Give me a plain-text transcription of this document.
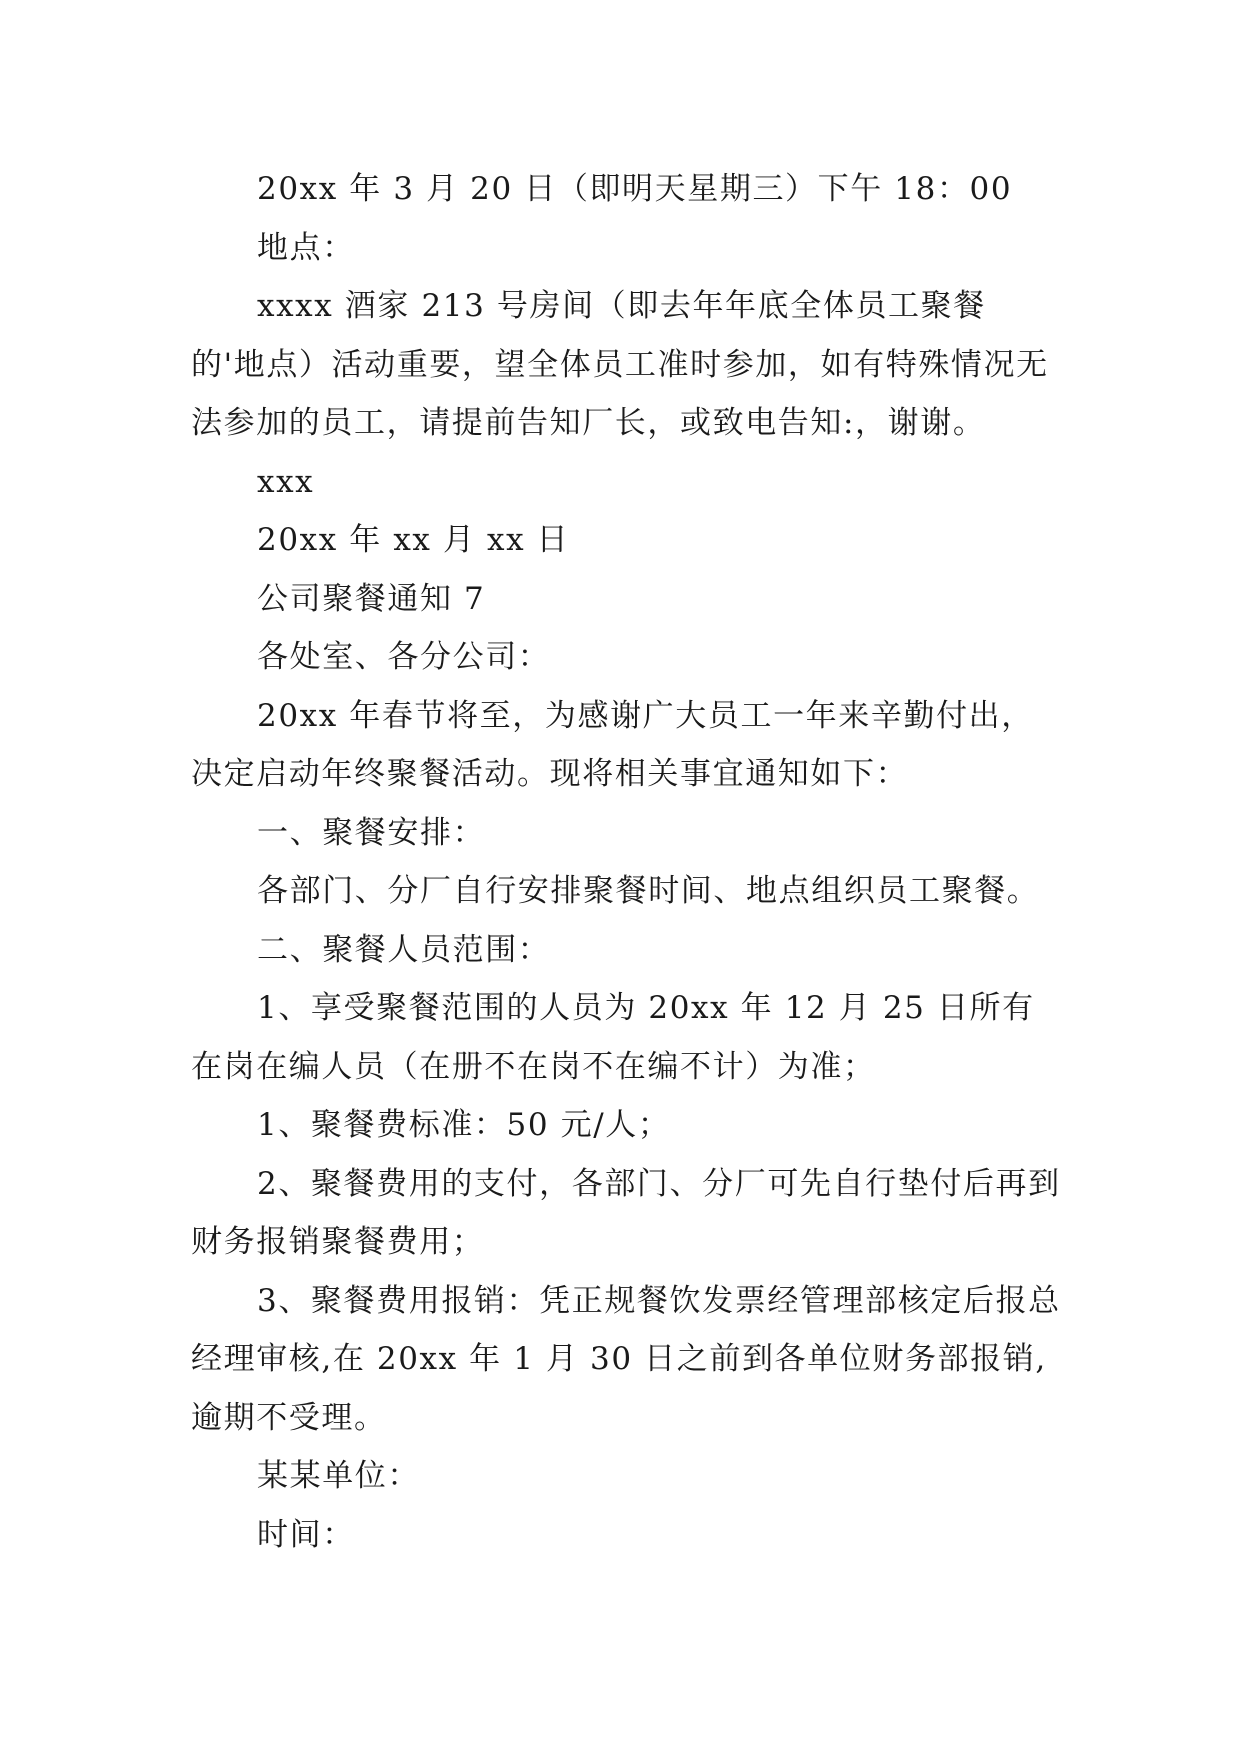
20xx 年 3 月 20 日（即明天星期三）下午 18：00

地点：

xxxx 酒家 213 号房间（即去年年底全体员工聚餐的'地点）活动重要，望全体员工准时参加，如有特殊情况无法参加的员工，请提前告知厂长，或致电告知:，谢谢。

xxx

20xx 年 xx 月 xx 日

公司聚餐通知 7

各处室、各分公司：

20xx 年春节将至，为感谢广大员工一年来辛勤付出，决定启动年终聚餐活动。现将相关事宜通知如下：

一、聚餐安排：

各部门、分厂自行安排聚餐时间、地点组织员工聚餐。

二、聚餐人员范围：

1、享受聚餐范围的人员为 20xx 年 12 月 25 日所有在岗在编人员（在册不在岗不在编不计）为准；

1、聚餐费标准：50 元/人；

2、聚餐费用的支付，各部门、分厂可先自行垫付后再到财务报销聚餐费用；

3、聚餐费用报销：凭正规餐饮发票经管理部核定后报总经理审核,在 20xx 年 1 月 30 日之前到各单位财务部报销,逾期不受理。

某某单位：

时间：
